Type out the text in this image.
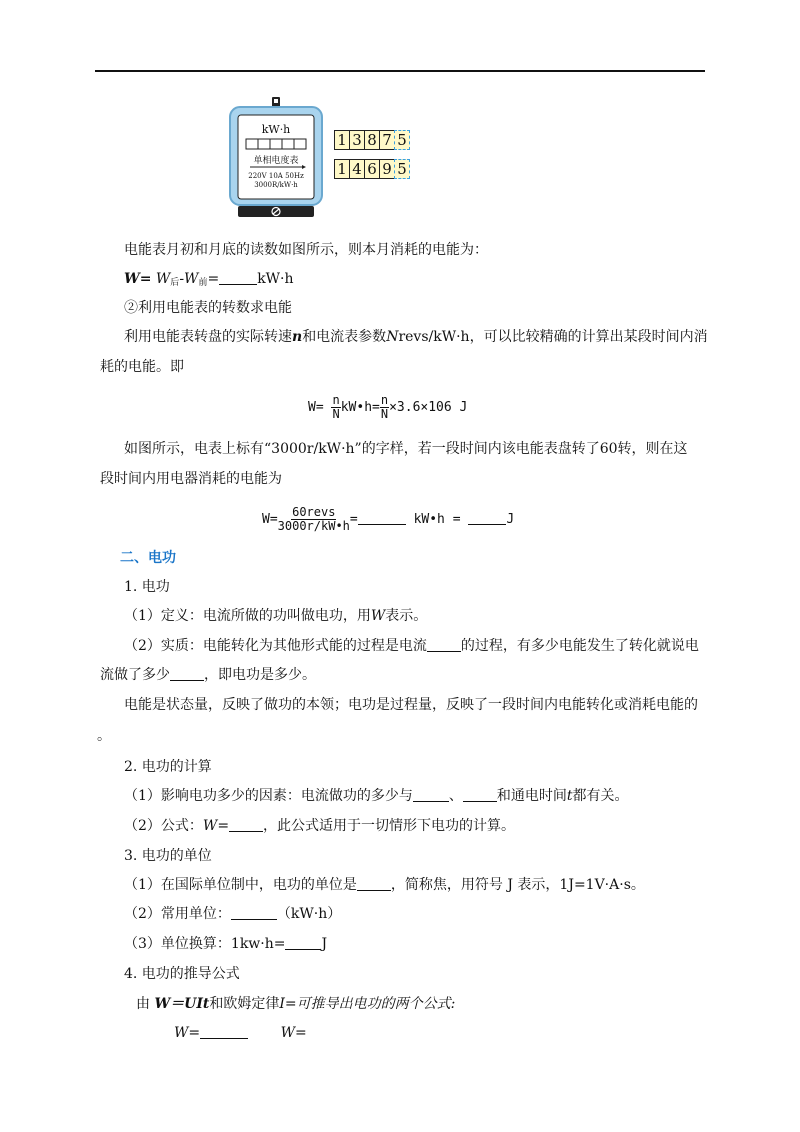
kW·h
单相电度表
220V 10A 50Hz
3000R/kW·h
1 3 8 7 5
1 4 6 9 5
电能表月初和月底的读数如图所示，则本月消耗的电能为：
$W= W_后-W_前=$	kW·h
②利用电能表的转数求电能
利用电能表转盘的实际转速n和电流表参数Nrevs/kW·h，可以比较精确的计算出某段时间内消
耗的电能。即
$W= \frac{n}{N}$ kW•h= $\frac{n}{N} \times 3.6\times 106$ J
如图所示，电表上标有“3000r/kW·h”的字样，若一段时间内该电能表盘转了60转，则在这
段时间内用电器消耗的电能为
$W= \frac{\text{60revs}}{3000r/kW•h}$ =	kW•h =	J
二、电功
1. 电功
（1）定义：电流所做的功叫做电功，用W表示。
（2）实质：电能转化为其他形式能的过程是电流 的过程，有多少电能发生了转化就说电
流做了多少 ，即电功是多少。
电能是状态量，反映了做功的本领；电功是过程量，反映了一段时间内电能转化或消耗电能的
。
2. 电功的计算
（1）影响电功多少的因素：电流做功的多少与	、 和通电时间t都有关。
（2）公式：W= ，此公式适用于一切情形下电功的计算。
3. 电功的单位
（1）在国际单位制中，电功的单位是 ，简称焦，用符号 J 表示，1J=1V·A·s。
（2）常用单位：	（kW·h）
（3）单位换算：1kw·h=	J
4. 电功的推导公式
由 W＝UIt和欧姆定律I=可推导出电功的两个公式:
W=	W=
